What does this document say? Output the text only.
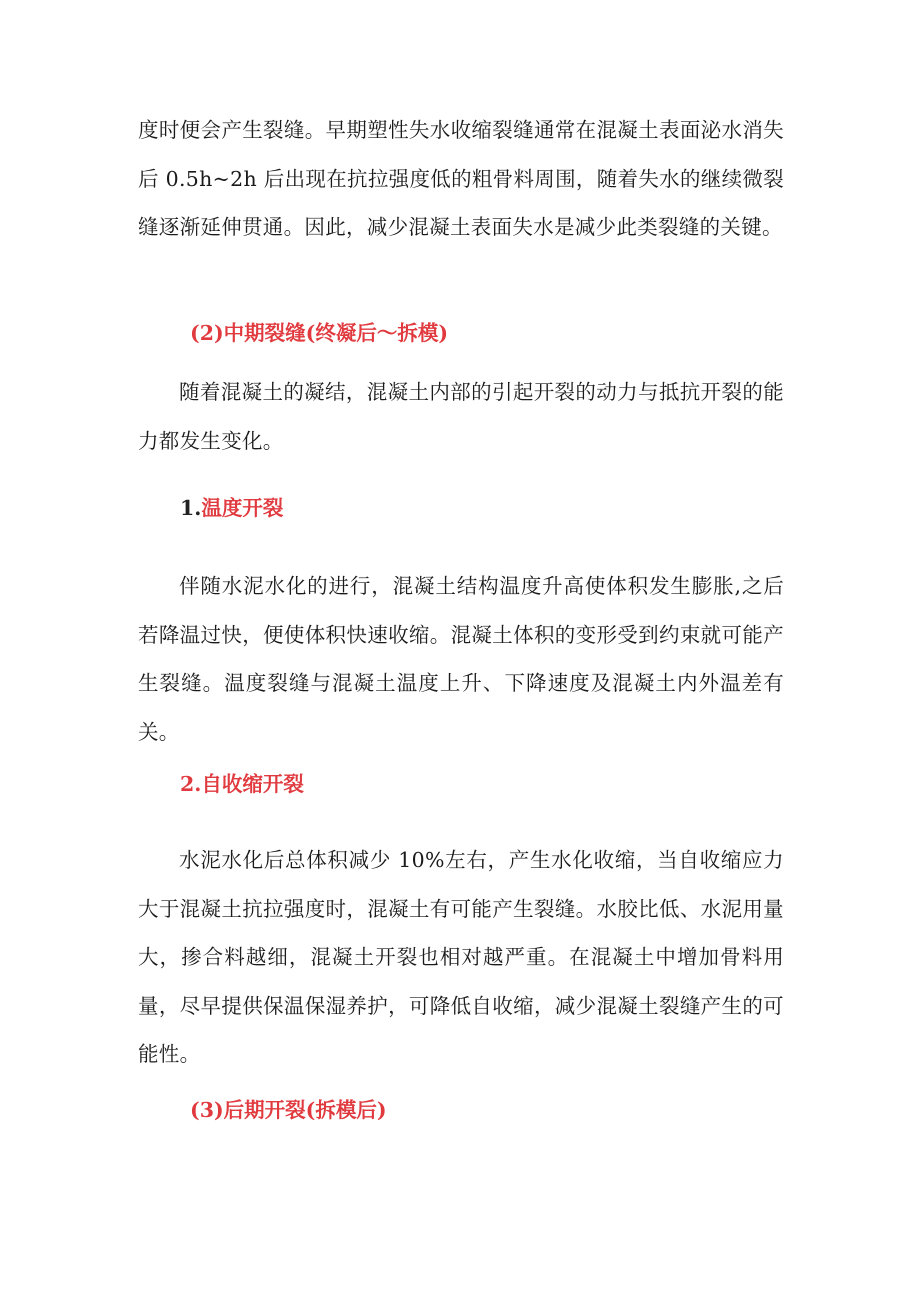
度时便会产生裂缝。早期塑性失水收缩裂缝通常在混凝土表面泌水消失后 0.5h~2h 后出现在抗拉强度低的粗骨料周围，随着失水的继续微裂缝逐渐延伸贯通。因此，减少混凝土表面失水是减少此类裂缝的关键。

(2)中期裂缝(终凝后～拆模)

随着混凝土的凝结，混凝土内部的引起开裂的动力与抵抗开裂的能力都发生变化。

1.温度开裂

伴随水泥水化的进行，混凝土结构温度升高使体积发生膨胀,之后若降温过快，便使体积快速收缩。混凝土体积的变形受到约束就可能产生裂缝。温度裂缝与混凝土温度上升、下降速度及混凝土内外温差有关。

2.自收缩开裂

水泥水化后总体积减少 10%左右，产生水化收缩，当自收缩应力大于混凝土抗拉强度时，混凝土有可能产生裂缝。水胶比低、水泥用量大，掺合料越细，混凝土开裂也相对越严重。在混凝土中增加骨料用量，尽早提供保温保湿养护，可降低自收缩，减少混凝土裂缝产生的可能性。

(3)后期开裂(拆模后)
